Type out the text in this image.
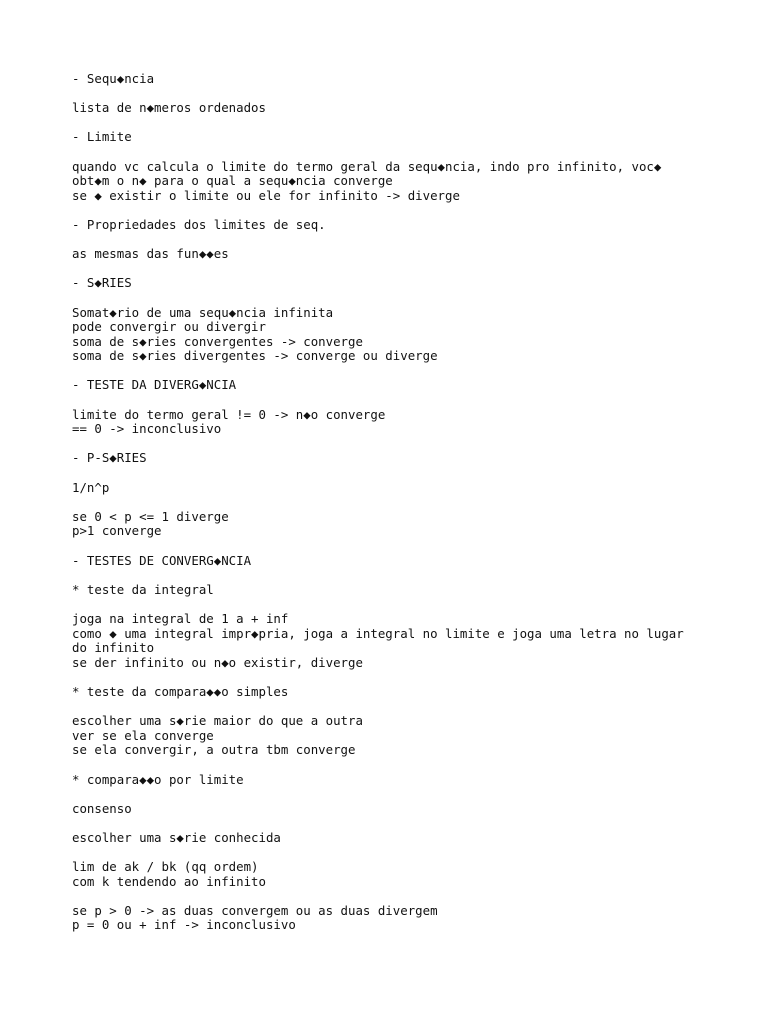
- Sequ◆ncia
lista de n◆meros ordenados
- Limite
quando vc calcula o limite do termo geral da sequ◆ncia, indo pro infinito, voc◆
obt◆m o n◆ para o qual a sequ◆ncia converge
se ◆ existir o limite ou ele for infinito -> diverge
- Propriedades dos limites de seq.
as mesmas das fun◆◆es
- S◆RIES
Somat◆rio de uma sequ◆ncia infinita
pode convergir ou divergir
soma de s◆ries convergentes -> converge
soma de s◆ries divergentes -> converge ou diverge
- TESTE DA DIVERG◆NCIA
limite do termo geral != 0 -> n◆o converge
== 0 -> inconclusivo
- P-S◆RIES
1/n^p
se 0 < p <= 1 diverge
p>1 converge
- TESTES DE CONVERG◆NCIA
* teste da integral
joga na integral de 1 a + inf
como ◆ uma integral impr◆pria, joga a integral no limite e joga uma letra no lugar
do infinito
se der infinito ou n◆o existir, diverge
* teste da compara◆◆o simples
escolher uma s◆rie maior do que a outra
ver se ela converge
se ela convergir, a outra tbm converge
* compara◆◆o por limite
consenso
escolher uma s◆rie conhecida
lim de ak / bk (qq ordem)
com k tendendo ao infinito
se p > 0 -> as duas convergem ou as duas divergem
p = 0 ou + inf -> inconclusivo
